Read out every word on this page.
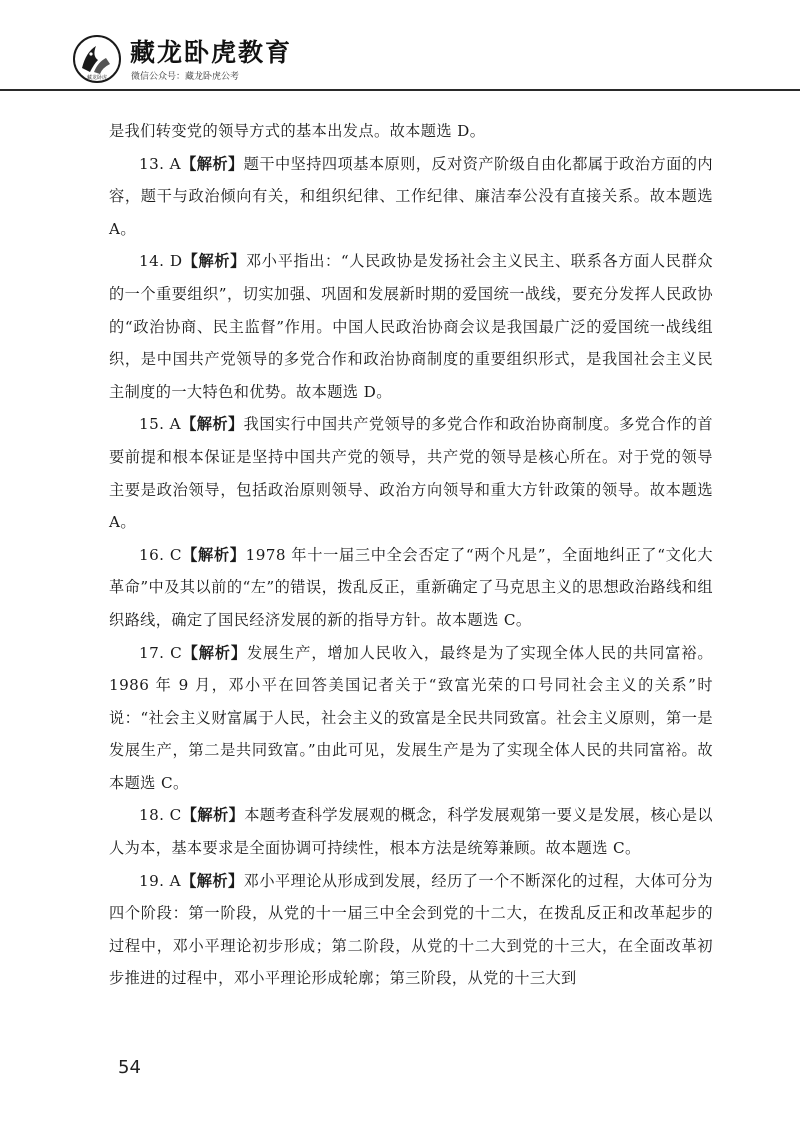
藏龙卧虎
藏龙卧虎教育
微信公众号：藏龙卧虎公考

是我们转变党的领导方式的基本出发点。故本题选 D。

13. A【解析】题干中坚持四项基本原则，反对资产阶级自由化都属于政治方面的内容，题干与政治倾向有关，和组织纪律、工作纪律、廉洁奉公没有直接关系。故本题选 A。

14. D【解析】邓小平指出：“人民政协是发扬社会主义民主、联系各方面人民群众的一个重要组织”，切实加强、巩固和发展新时期的爱国统一战线，要充分发挥人民政协的“政治协商、民主监督”作用。中国人民政治协商会议是我国最广泛的爱国统一战线组织，是中国共产党领导的多党合作和政治协商制度的重要组织形式，是我国社会主义民主制度的一大特色和优势。故本题选 D。

15. A【解析】我国实行中国共产党领导的多党合作和政治协商制度。多党合作的首要前提和根本保证是坚持中国共产党的领导，共产党的领导是核心所在。对于党的领导主要是政治领导，包括政治原则领导、政治方向领导和重大方针政策的领导。故本题选 A。

16. C【解析】1978 年十一届三中全会否定了“两个凡是”，全面地纠正了“文化大革命”中及其以前的“左”的错误，拨乱反正，重新确定了马克思主义的思想政治路线和组织路线，确定了国民经济发展的新的指导方针。故本题选 C。

17. C【解析】发展生产，增加人民收入，最终是为了实现全体人民的共同富裕。1986 年 9 月，邓小平在回答美国记者关于“致富光荣的口号同社会主义的关系”时说：“社会主义财富属于人民，社会主义的致富是全民共同致富。社会主义原则，第一是发展生产，第二是共同致富。”由此可见，发展生产是为了实现全体人民的共同富裕。故本题选 C。

18. C【解析】本题考查科学发展观的概念，科学发展观第一要义是发展，核心是以人为本，基本要求是全面协调可持续性，根本方法是统筹兼顾。故本题选 C。

19. A【解析】邓小平理论从形成到发展，经历了一个不断深化的过程，大体可分为四个阶段：第一阶段，从党的十一届三中全会到党的十二大，在拨乱反正和改革起步的过程中，邓小平理论初步形成；第二阶段，从党的十二大到党的十三大，在全面改革初步推进的过程中，邓小平理论形成轮廓；第三阶段，从党的十三大到

54
